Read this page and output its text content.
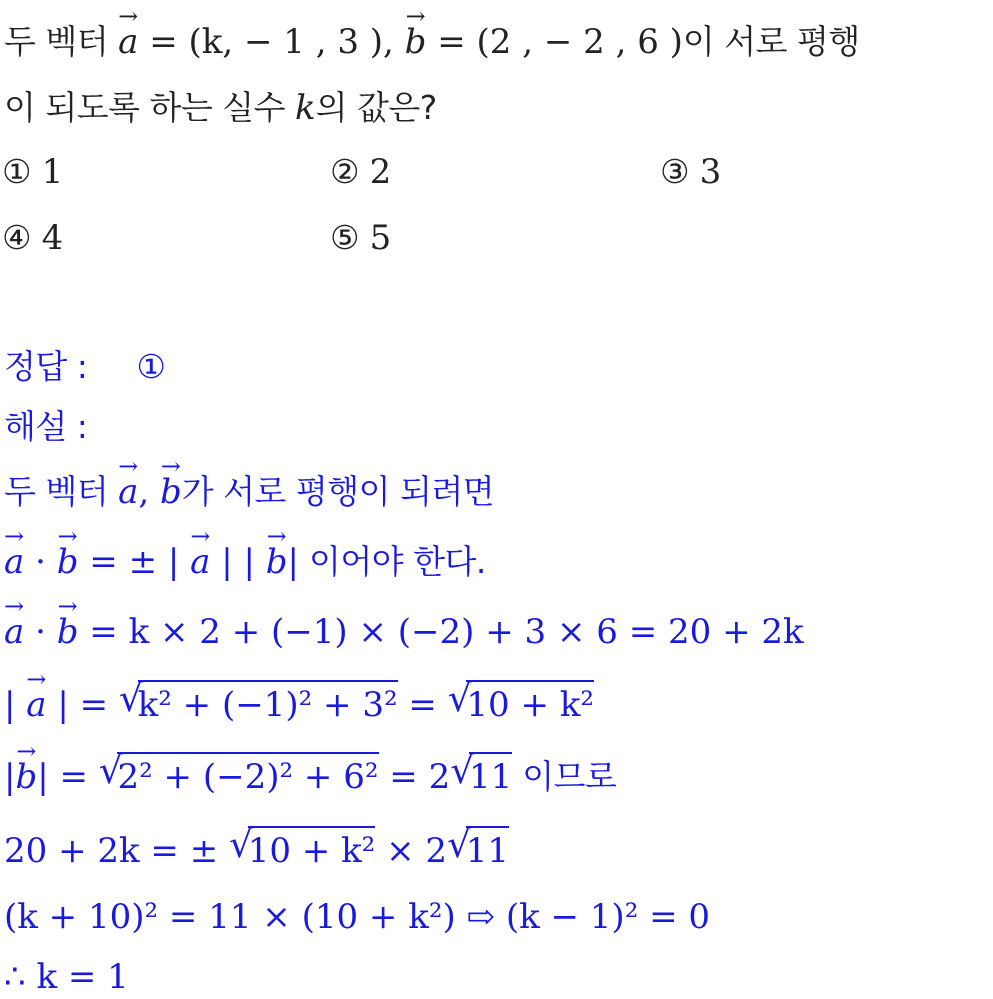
두 벡터 → a = (k, − 1 , 3 ), → b = (2 , − 2 , 6 )이 서로 평행
이 되도록 하는 실수 k의 값은?
① 1	② 2	③ 3
④ 4	⑤ 5
정답 : ①
해설 :
두 벡터 → a, → b가 서로 평행이 되려면
→ a · → b = ± | → a | | → b| 이어야 한다.
→ a · → b = k × 2 + (−1) × (−2) + 3 × 6 = 20 + 2k
| → a | = √
k² + (−1)² + 3² = √
10 + k²
|→ b| = √
2² + (−2)² + 6² = 2 √
11 이므로
20 + 2k = ± √
10 + k² × 2 √
11
(k + 10)² = 11 × (10 + k²) ⇨ (k − 1)² = 0
∴ k = 1
